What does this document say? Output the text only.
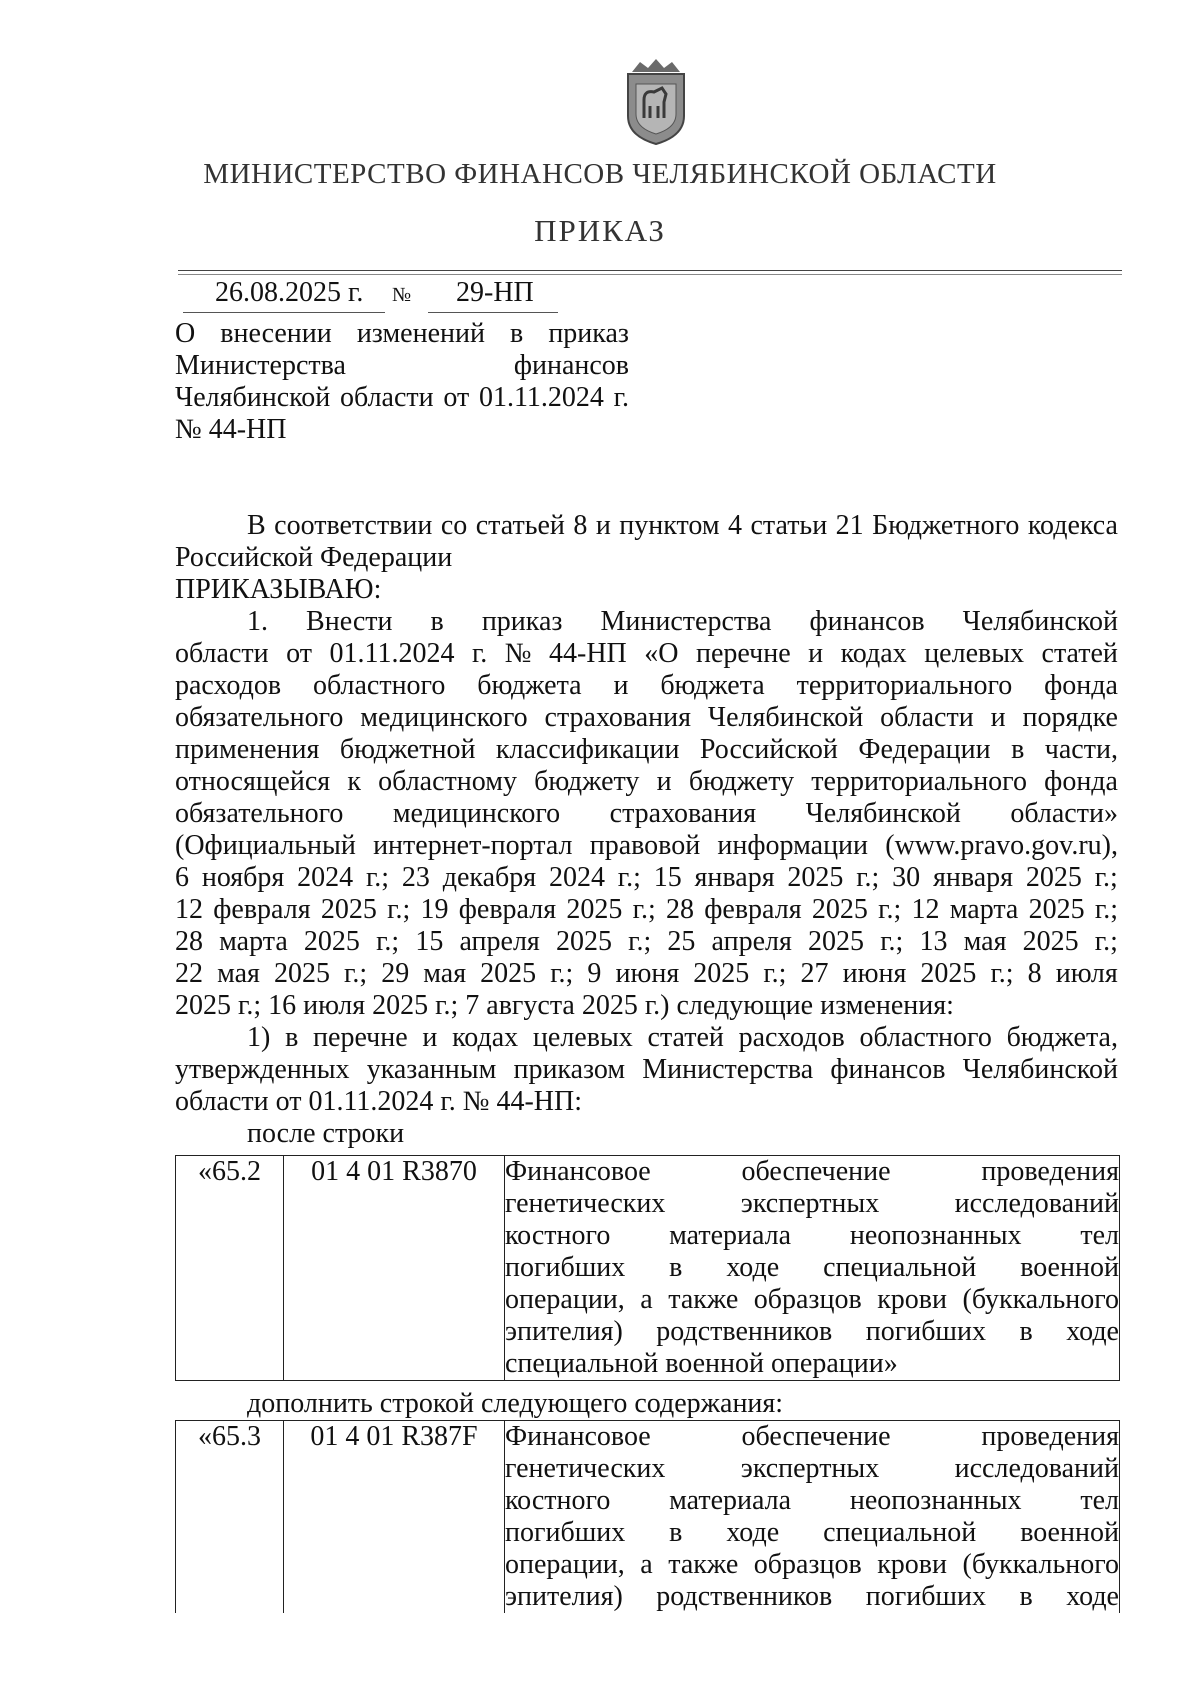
МИНИСТЕРСТВО ФИНАНСОВ ЧЕЛЯБИНСКОЙ ОБЛАСТИ
ПРИКАЗ
26.08.2025 г. № 29-НП
О внесении изменений в приказ
Министерства	финансов
Челябинской области от 01.11.2024 г.
№ 44-НП
В соответствии со статьей 8 и пунктом 4 статьи 21 Бюджетного кодекса
Российской Федерации
ПРИКАЗЫВАЮ:
1. Внести в приказ Министерства финансов Челябинской
области от 01.11.2024 г. № 44-НП «О перечне и кодах целевых статей
расходов областного бюджета и бюджета территориального фонда
обязательного медицинского страхования Челябинской области и порядке
применения бюджетной классификации Российской Федерации в части,
относящейся к областному бюджету и бюджету территориального фонда
обязательного медицинского страхования Челябинской области»
(Официальный интернет-портал правовой информации (www.pravo.gov.ru),
6 ноября 2024 г.; 23 декабря 2024 г.; 15 января 2025 г.; 30 января 2025 г.;
12 февраля 2025 г.; 19 февраля 2025 г.; 28 февраля 2025 г.; 12 марта 2025 г.;
28 марта 2025 г.; 15 апреля 2025 г.; 25 апреля 2025 г.; 13 мая 2025 г.;
22 мая 2025 г.; 29 мая 2025 г.; 9 июня 2025 г.; 27 июня 2025 г.; 8 июля
2025 г.; 16 июля 2025 г.; 7 августа 2025 г.) следующие изменения:
1) в перечне и кодах целевых статей расходов областного бюджета,
утвержденных указанным приказом Министерства финансов Челябинской
области от 01.11.2024 г. № 44-НП:
после строки
«65.2	01 4 01 R3870	Финансовое	обеспечение	проведения
генетических	экспертных	исследований
костного материала неопознанных тел
погибших в ходе специальной военной
операции, а также образцов крови (буккального
эпителия) родственников погибших в ходе
специальной военной операции»
дополнить строкой следующего содержания:
«65.3	01 4 01 R387F	Финансовое	обеспечение	проведения
генетических	экспертных	исследований
костного материала неопознанных тел
погибших в ходе специальной военной
операции, а также образцов крови (буккального
эпителия) родственников погибших в ходе
